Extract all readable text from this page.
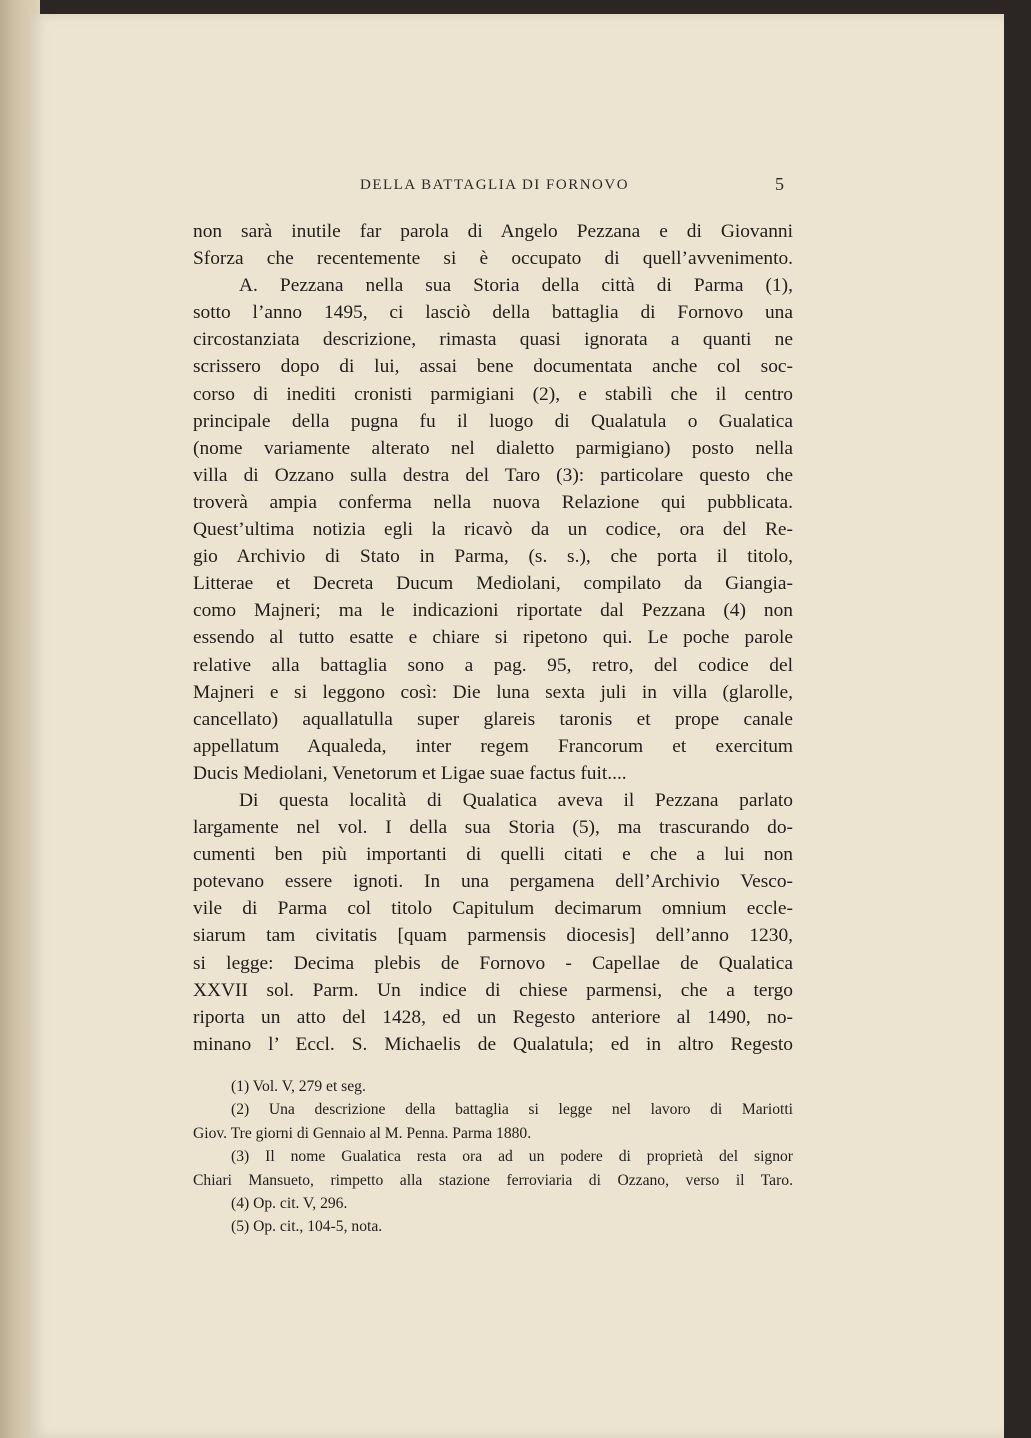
DELLA BATTAGLIA DI FORNOVO	5
non sarà inutile far parola di Angelo Pezzana e di Giovanni
Sforza che recentemente si è occupato di quell’avvenimento.
A. Pezzana nella sua Storia della città di Parma (1),
sotto l’anno 1495, ci lasciò della battaglia di Fornovo una
circostanziata descrizione, rimasta quasi ignorata a quanti ne
scrissero dopo di lui, assai bene documentata anche col soc-
corso di inediti cronisti parmigiani (2), e stabilì che il centro
principale della pugna fu il luogo di Qualatula o Gualatica
(nome variamente alterato nel dialetto parmigiano) posto nella
villa di Ozzano sulla destra del Taro (3): particolare questo che
troverà ampia conferma nella nuova Relazione qui pubblicata.
Quest’ultima notizia egli la ricavò da un codice, ora del Re-
gio Archivio di Stato in Parma, (s. s.), che porta il titolo,
Litterae et Decreta Ducum Mediolani, compilato da Giangia-
como Majneri; ma le indicazioni riportate dal Pezzana (4) non
essendo al tutto esatte e chiare si ripetono qui. Le poche parole
relative alla battaglia sono a pag. 95, retro, del codice del
Majneri e si leggono così: Die luna sexta juli in villa (glarolle,
cancellato) aquallatulla super glareis taronis et prope canale
appellatum Aqualeda, inter regem Francorum et exercitum
Ducis Mediolani, Venetorum et Ligae suae factus fuit....
Di questa località di Qualatica aveva il Pezzana parlato
largamente nel vol. I della sua Storia (5), ma trascurando do-
cumenti ben più importanti di quelli citati e che a lui non
potevano essere ignoti. In una pergamena dell’Archivio Vesco-
vile di Parma col titolo Capitulum decimarum omnium eccle-
siarum tam civitatis [quam parmensis diocesis] dell’anno 1230,
si legge: Decima plebis de Fornovo - Capellae de Qualatica
XXVII sol. Parm. Un indice di chiese parmensi, che a tergo
riporta un atto del 1428, ed un Regesto anteriore al 1490, no-
minano l’ Eccl. S. Michaelis de Qualatula; ed in altro Regesto
(1) Vol. V, 279 et seg.
(2) Una descrizione della battaglia si legge nel lavoro di Mariotti
Giov. Tre giorni di Gennaio al M. Penna. Parma 1880.
(3) Il nome Gualatica resta ora ad un podere di proprietà del signor
Chiari Mansueto, rimpetto alla stazione ferroviaria di Ozzano, verso il Taro.
(4) Op. cit. V, 296.
(5) Op. cit., 104-5, nota.
